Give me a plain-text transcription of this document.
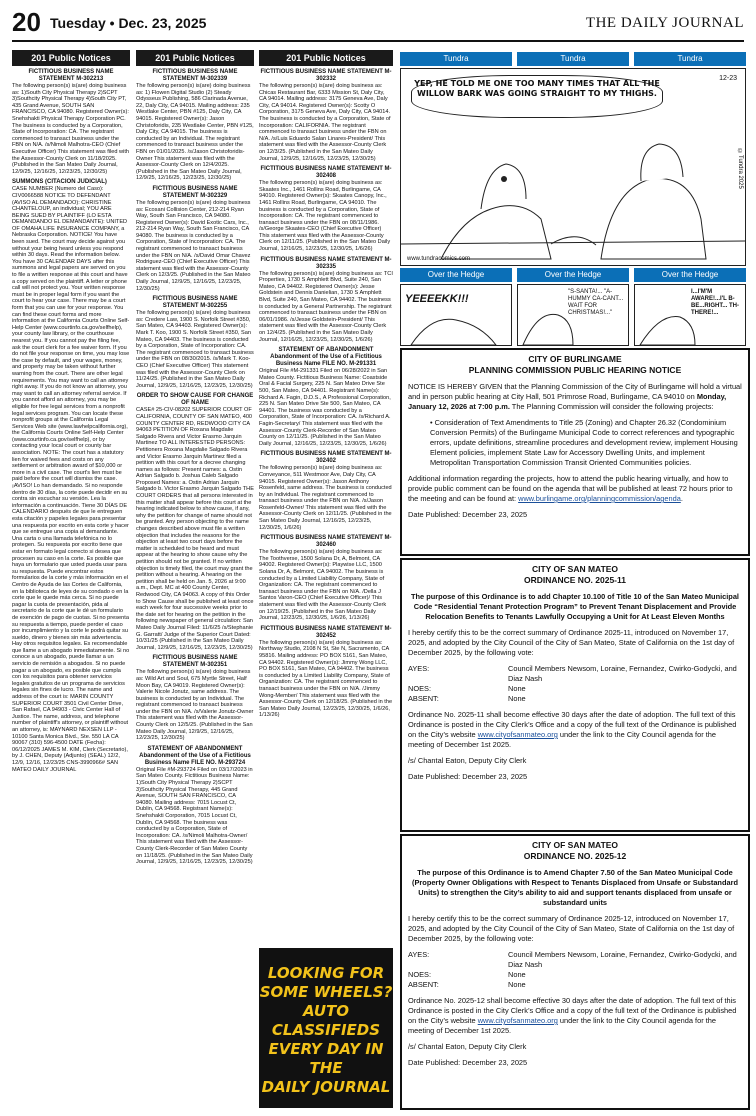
20 Tuesday • Dec. 23, 2025	THE DAILY JOURNAL
201 Public Notices
FICTITIOUS BUSINESS NAME STATEMENT M-302213

The following person(s) is(are) doing business as: 1)South City Physical Therapy 2)SCPT 3)Southcity Physical Therapy 4)South City PT, 435 Grand Avenue, SOUTH SAN FRANCISCO, CA 94080. Registered Owner(s): Snehshakti Physical Therapy Corporation PC. The business is conducted by a Corporation, State of Incorporation: CA. The registrant commenced to transact business under the FBN on N/A. /s/Nimoli Malhotra-CEO (Chief Executive Officer) This statement was filed with the Assessor-County Clerk on 11/18/2025. (Published in the San Mateo Daily Journal, 12/9/25, 12/16/25, 12/23/25, 12/30/25)

SUMMONS (CITACION JUDICIAL)

CASE NUMBER (Numero del Caso): CIV0066588 NOTICE TO DEFENDANT (AVISO AL DEMANDADO): CHRISTINE CHANTELOUP, an individual; YOU ARE BEING SUED BY PLAINTIFF (LO ESTA DEMANDANDO EL DEMANDANTE): UNITED OF OMAHA LIFE INSURANCE COMPANY, a Nebraska Corporation. NOTICE! You have been sued. The court may decide against you without your being heard unless you respond within 30 days. Read the information below. You have 30 CALENDAR DAYS after this summons and legal papers are served on you to file a written response at this court and have a copy served on the plaintiff. A letter or phone call will not protect you. Your written response must be in proper legal form if you want the court to hear your case. There may be a court form that you can use for your response. You can find these court forms and more information at the California Courts Online Self-Help Center (www.courtinfo.ca.gov/selfhelp), your county law library, or the courthouse nearest you. If you cannot pay the filing fee, ask the court clerk for a fee waiver form. If you do not file your response on time, you may lose the case by default, and your wages, money, and property may be taken without further warning from the court. There are other legal requirements. You may want to call an attorney right away. If you do not know an attorney, you may want to call an attorney referral service. If you cannot afford an attorney, you may be eligible for free legal services from a nonprofit legal services program. You can locate these nonprofit groups at the California Legal Services Web site (www.lawhelpcalifornia.org), the California Courts Online Self-Help Center (www.courtinfo.ca.gov/selfhelp), or by contacting your local court or county bar association. NOTE: The court has a statutory lien for waived fees and costs on any settlement or arbitration award of $10,000 or more in a civil case. The court's lien must be paid before the court will dismiss the case. ¡AVISO! Lo han demandado. Si no responde dentro de 30 días, la corte puede decidir en su contra sin escuchar su versión. Lea la información a continuación. Tiene 30 DÍAS DE CALENDARIO después de que le entreguen esta citación y papeles legales para presentar una respuesta por escrito en esta corte y hacer que se entregue una copia al demandante. Una carta o una llamada telefónica no lo protegen. Su respuesta por escrito tiene que estar en formato legal correcto si desea que procesen su caso en la corte. Es posible que haya un formulario que usted pueda usar para su respuesta. Puede encontrar estos formularios de la corte y más información en el Centro de Ayuda de las Cortes de California, en la biblioteca de leyes de su condado o en la corte que le quede más cerca. Si no puede pagar la cuota de presentación, pida al secretario de la corte que le dé un formulario de exención de pago de cuotas. Si no presenta su respuesta a tiempo, puede perder el caso por incumplimiento y la corte le podrá quitar su sueldo, dinero y bienes sin más advertencia. Hay otros requisitos legales. Es recomendable que llame a un abogado inmediatamente. Si no conoce a un abogado, puede llamar a un servicio de remisión a abogados. Si no puede pagar a un abogado, es posible que cumpla con los requisitos para obtener servicios legales gratuitos de un programa de servicios legales sin fines de lucro. The name and address of the court is: MARIN COUNTY SUPERIOR COURT 3501 Civil Center Drive, San Rafael, CA 94903 - Civic Center Hall of Justice. The name, address, and telephone number of plaintiff's attorney, or plaintiff without an attorney, is: MAYNARD NEXSEN LLP - 10100 Santa Monica Blvd., Ste. 550 LA CA 90067 (310) 596-4500 DATE (Fecha): 06/12/2025 JAMES M. KIM, Clerk (Secretario), by J. CHEN, Deputy (Adjunto) (SEAL) 12/2, 12/9, 12/16, 12/23/25 CNS-3990966# SAN MATEO DAILY JOURNAL

201 Public Notices
FICTITIOUS BUSINESS NAME STATEMENT M-302339

The following person(s) is(are) doing business as: 1) Flowen Digital Studio (2) Steady Odysseus Publishing, 586 Clarinada Avenue, 22, Daly City, CA 94015. Mailing address: 235 Westlake Center, PBN #125, Daly City, CA 94015. Registered Owner(s): Jason Christoforidis, 235 Westlake Center, PBN #125, Daly City, CA 94015. The business is conducted by an Individual. The registrant commenced to transact business under the FBN on 01/01/2025. /s/Jason Christoforidis-Owner This statement was filed with the Assessor-County Clerk on 12/4/2025. (Published in the San Mateo Daily Journal, 12/9/25, 12/16/25, 12/23/25, 12/30/25)

FICTITIOUS BUSINESS NAME STATEMENT M-302329

The following person(s) is(are) doing business as: Ecosani Collision Center, 212-214 Ryan Way, South San Francisco, CA 94080. Registered Owner(s): David Exotic Cars, Inc., 212-214 Ryan Way, South San Francisco, CA 94080. The business is conducted by a Corporation, State of Incorporation: CA. The registrant commenced to transact business under the FBN on N/A. /s/David Omar Chavez Rodriguez-CEO (Chief Executive Officer) This statement was filed with the Assessor-County Clerk on 12/3/25. (Published in the San Mateo Daily Journal, 12/9/25, 12/16/25, 12/23/25, 12/30/25)

FICTITIOUS BUSINESS NAME STATEMENT M-302255

The following person(s) is(are) doing business as: Credere Law, 1900 S. Norfolk Street #350, San Mateo, CA 94403. Registered Owner(s): Mark T. Koo, 1900 S. Norfolk Street #350, San Mateo, CA 94403. The business is conducted by a Corporation, State of Incorporation: CA. The registrant commenced to transact business under the FBN on 08/30/2015. /s/Mark T. Koo-CEO (Chief Executive Officer) This statement was filed with the Assessor-County Clerk on 11/24/25. (Published in the San Mateo Daily Journal, 12/9/25, 12/16/25, 12/23/25, 12/30/25)

ORDER TO SHOW CAUSE FOR CHANGE OF NAME

CASE# 25-CIV-08202 SUPERIOR COURT OF CALIFORNIA, COUNTY OF SAN MATEO, 400 COUNTY CENTER RD, REDWOOD CITY CA 94063 PETITION OF Roxana Magdalie Salgado Rivera and Victor Erasmo Jarquin Martinez TO ALL INTERESTED PERSONS: Petitioners Roxana Magdalie Salgado Rivera and Victor Erasmo Jarquin Martinez filed a petition with this court for a decree changing names as follows: Present names: a. Ostin Adrian Salgado b. Joshua Caleb Salgado Proposed Names: a. Ostin Adrian Jarquin Salgado b. Victor Erasmo Jarquin Salgado THE COURT ORDERS that all persons interested in this matter shall appear before this court at the hearing indicated below to show cause, if any, why the petition for change of name should not be granted. Any person objecting to the name changes described above must file a written objection that includes the reasons for the objection at least two court days before the matter is scheduled to be heard and must appear at the hearing to show cause why the petition should not be granted. If no written objection is timely filed, the court may grant the petition without a hearing. A hearing on the petition shall be held on Jan. 5, 2026 at 9:00 a.m., Dept. MC at 400 County Center, Redwood City, CA 94063. A copy of this Order to Show Cause shall be published at least once each week for four successive weeks prior to the date set for hearing on the petition in the following newspaper of general circulation: San Mateo Daily Journal Filed: 11/6/25 /s/Stephanie G. Garratt/ Judge of the Superior Court Dated: 10/31/25 (Published in the San Mateo Daily Journal, 12/9/25, 12/16/25, 12/23/25, 12/30/25)

FICTITIOUS BUSINESS NAME STATEMENT M-302351

The following person(s) is(are) doing business as: Wild Art and Soul, 675 Myrtle Street, Half Moon Bay, CA 94019. Registered Owner(s): Valerie Nicole Jonutz, same address. The business is conducted by an Individual. The registrant commenced to transact business under the FBN on N/A. /s/Valerie Jonutz-Owner This statement was filed with the Assessor-County Clerk on 12/5/25. (Published in the San Mateo Daily Journal, 12/9/25, 12/16/25, 12/23/25, 12/30/25)

STATEMENT OF ABANDONMENT Abandonment of the Use of a Fictitious Business Name FILE NO. M-293724

Original File #M-293724 Filed on 03/17/2023 in San Mateo County. Fictitious Business Name: 1)South City Physical Therapy 2)SCPT 3)Southcity Physical Therapy, 445 Grand Avenue, SOUTH SAN FRANCISCO, CA 94080. Mailing address: 7015 Locust Ct, Dublin, CA 94568. Registrant Name(s): Snehshakti Corporation, 7015 Locust Ct, Dublin, CA 94568. The business was conducted by a Corporation, State of Incorporation: CA. /s/Nimoli Malhotra-Owner/ This statement was filed with the Assessor-County Clerk-Recorder of San Mateo County on 11/18/25. (Published in the San Mateo Daily Journal, 12/9/25, 12/16/25, 12/23/25, 12/30/25)

201 Public Notices
FICTITIOUS BUSINESS NAME STATEMENT M-302332

The following person(s) is(are) doing business as: Chicas Restaurant Bar, 6333 Mission St, Daly City, CA 94014. Mailing address: 3175 Geneva Ave, Daly City, CA 94014. Registered Owner(s): Scotty O Corporation, 3175 Geneva Ave, Daly City, CA 94014. The business is conducted by a Corporation, State of Incorporation: CALIFORNIA. The registrant commenced to transact business under the FBN on N/A. /s/Luis Eduardo Salan Linares-President/ This statement was filed with the Assessor-County Clerk on 12/3/25. (Published in the San Mateo Daily Journal, 12/9/25, 12/16/25, 12/23/25, 12/30/25)

FICTITIOUS BUSINESS NAME STATEMENT M-302408

The following person(s) is(are) doing business as: Skaates Inc., 1461 Rollins Road, Burlingame, CA 94010. Registered Owner(s): Skaates Canopy, Inc., 1461 Rollins Road, Burlingame, CA 94010. The business is conducted by a Corporation, State of Incorporation: CA. The registrant commenced to transact business under the FBN on 08/11/1986. /s/George Skaates-CEO (Chief Executive Officer) This statement was filed with the Assessor-County Clerk on 12/11/25. (Published in the San Mateo Daily Journal, 12/16/25, 12/23/25, 12/30/25, 1/6/26)

FICTITIOUS BUSINESS NAME STATEMENT M-302335

The following person(s) is(are) doing business as: TCI Properties, 1730 S Amphlett Blvd, Suite 240, San Mateo, CA 94402. Registered Owner(s): Jesse Goldstein and Dennis Danielian, 1730 S Amphlett Blvd, Suite 240, San Mateo, CA 94402. The business is conducted by a General Partnership. The registrant commenced to transact business under the FBN on 06/01/1986. /s/Jesse Goldstein-President/ This statement was filed with the Assessor-County Clerk on 12/4/25. (Published in the San Mateo Daily Journal, 12/16/25, 12/23/25, 12/30/25, 1/6/26)

STATEMENT OF ABANDONMENT Abandonment of the Use of a Fictitious Business Name FILE NO. M-291331

Original File #M-291331 Filed on 06/28/2022 in San Mateo County. Fictitious Business Name: Coastside Oral & Facial Surgery, 225 N. San Mateo Drive Ste 500, San Mateo, CA 94401. Registrant Name(s): Richard A. Fagin, D.D.S., A Professional Corporation, 225 N. San Mateo Drive Ste 500, San Mateo, CA 94401. The business was conducted by a Corporation, State of Incorporation: CA. /s/Richard A. Fagin-Secretary/ This statement was filed with the Assessor-County Clerk-Recorder of San Mateo County on 12/11/25. (Published in the San Mateo Daily Journal, 12/16/25, 12/23/25, 12/30/25, 1/6/26)

FICTITIOUS BUSINESS NAME STATEMENT M-302402

The following person(s) is(are) doing business as: Conveyance, 511 Westmoor Ave, Daly City, CA 94015. Registered Owner(s): Jason Anthony Rosenfeld, same address. The business is conducted by an Individual. The registrant commenced to transact business under the FBN on N/A. /s/Jason Rosenfeld-Owner/ This statement was filed with the Assessor-County Clerk on 12/11/25. (Published in the San Mateo Daily Journal, 12/16/25, 12/23/25, 12/30/25, 1/6/26)

FICTITIOUS BUSINESS NAME STATEMENT M-302460

The following person(s) is(are) doing business as: The Toothverse, 1500 Solana Dr, A, Belmont, CA 94002. Registered Owner(s): Playwise LLC, 1500 Solana Dr, A, Belmont, CA 94002. The business is conducted by a Limited Liability Company, State of Organization: CA. The registrant commenced to transact business under the FBN on N/A. /Della J Santos Varon-CEO (Chief Executive Officer)/ This statement was filed with the Assessor-County Clerk on 12/19/25. (Published in the San Mateo Daily Journal, 12/23/25, 12/30/25, 1/6/26, 1/13/26)

FICTITIOUS BUSINESS NAME STATEMENT M-302452

The following person(s) is(are) doing business as: Northway Studio, 2108 N St, Ste N, Sacramento, CA 95816. Mailing address: PO BOX 5161, San Mateo, CA 94402. Registered Owner(s): Jimmy Wong LLC, PO BOX 5161, San Mateo, CA 94402. The business is conducted by a Limited Liability Company, State of Organization: CA. The registrant commenced to transact business under the FBN on N/A. /Jimmy Wong-Member/ This statement was filed with the Assessor-County Clerk on 12/18/25. (Published in the San Mateo Daily Journal, 12/23/25, 12/30/25, 1/6/26, 1/13/26)

LOOKING FOR
SOME WHEELS?
AUTO CLASSIFIEDS
EVERY DAY IN THE
DAILY JOURNAL
Tundra	Tundra	Tundra
YEP, HE TOLD ME ONE TOO MANY TIMES THAT ALL THE WILLOW BARK WAS GOING STRAIGHT TO MY THIGHS.
12-23
©Tundra 2025
www.tundracomics.com
Over the Hedge	Over the Hedge	Over the Hedge
YEEEEKK!!!
"S-SANTA!... "A-HUMMY CA-CANT... WAIT FOR CHRISTMAS!..."
I...I'M'M AWARE!...I'L B-BE...RIGHT... TH-THERE!...
CITY OF BURLINGAME
PLANNING COMMISSION PUBLIC HEARING NOTICE

NOTICE IS HEREBY GIVEN that the Planning Commission of the City of Burlingame will hold a virtual and in person public hearing at City Hall, 501 Primrose Road, Burlingame, CA 94010 on Monday, January 12, 2026 at 7:00 p.m. The Planning Commission will consider the following projects:

• Consideration of Text Amendments to Title 25 (Zoning) and Chapter 26.32 (Condominium Conversion Permits) of the Burlingame Municipal Code to correct references and typographic errors, update definitions, streamline procedures and development review, implement Housing Element policies, implement State Law for Accessory Dwelling Units, and implement Metropolitan Transportation Commission Transit Oriented Communities policies.

Additional information regarding the projects, how to attend the public hearing virtually, and how to provide public comment can be found on the agenda that will be published at least 72 hours prior to the meeting and can be found at: www.burlingame.org/planningcommission/agenda.

Date Published: December 23, 2025

CITY OF SAN MATEO
ORDINANCE NO. 2025-11

The purpose of this Ordinance is to add Chapter 10.100 of Title 10 of the San Mateo Municipal Code “Residential Tenant Protection Program” to Prevent Tenant Displacement and Provide Relocation Benefits to Tenants Lawfully Occupying a Unit for At Least Eleven Months

I hereby certify this to be the correct summary of Ordinance 2025-11, introduced on November 17, 2025, and adopted by the City Council of the City of San Mateo, State of California on the 1st day of December 2025, by the following vote:

AYES:	Council Members Newsom, Loraine, Fernandez, Cwirko-Godycki, and Diaz Nash
NOES:	None
ABSENT:	None

Ordinance No. 2025-11 shall become effective 30 days after the date of adoption. The full text of this Ordinance is posted in the City Clerk’s Office and a copy of the full text of the Ordinance is published on the City’s website www.cityofsanmateo.org under the link to the City Council agenda for the meeting of December 1st 2025.

/s/ Chantal Eaton, Deputy City Clerk

Date Published: December 23, 2025

CITY OF SAN MATEO
ORDINANCE NO. 2025-12

The purpose of this Ordinance is to Amend Chapter 7.50 of the San Mateo Municipal Code (Property Owner Obligations with Respect to Tenants Displaced from Unsafe or Substandard Units) to strengthen the City’s ability to aid and support tenants displaced from unsafe or substandard units

I hereby certify this to be the correct summary of Ordinance 2025-12, introduced on November 17, 2025, and adopted by the City Council of the City of San Mateo, State of California on the 1st day of December 2025, by the following vote:

AYES:	Council Members Newsom, Loraine, Fernandez, Cwirko-Godycki, and Diaz Nash
NOES:	None
ABSENT:	None

Ordinance No. 2025-12 shall become effective 30 days after the date of adoption. The full text of this Ordinance is posted in the City Clerk’s Office and a copy of the full text of the Ordinance is published on the City’s website www.cityofsanmateo.org under the link to the City Council agenda for the meeting of December 1st 2025.

/s/ Chantal Eaton, Deputy City Clerk

Date Published: December 23, 2025
